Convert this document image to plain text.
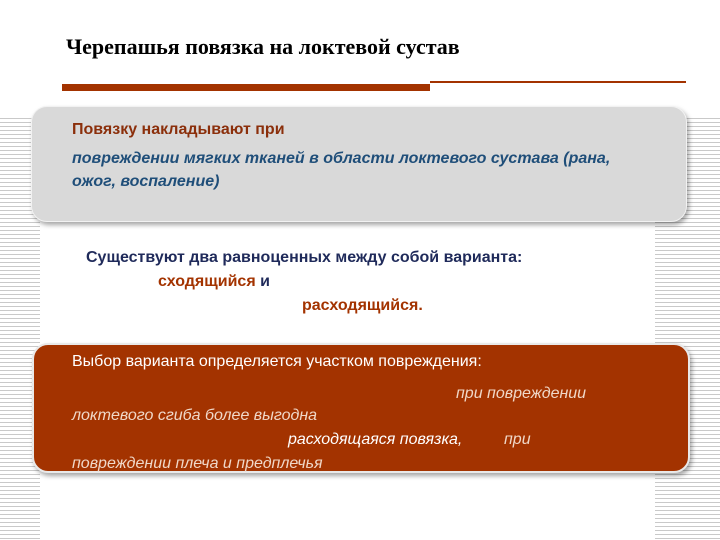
Черепашья повязка на локтевой сустав
Повязку накладывают при
повреждении мягких тканей в области локтевого сустава (рана, ожог, воспаление)
Существуют два равноценных между собой варианта:
сходящийся и
расходящийся.
Выбор варианта определяется участком повреждения:
при повреждении
локтевого сгиба более выгодна
расходящаяся повязка,	при
повреждении плеча и предплечья
сходящаяся.
